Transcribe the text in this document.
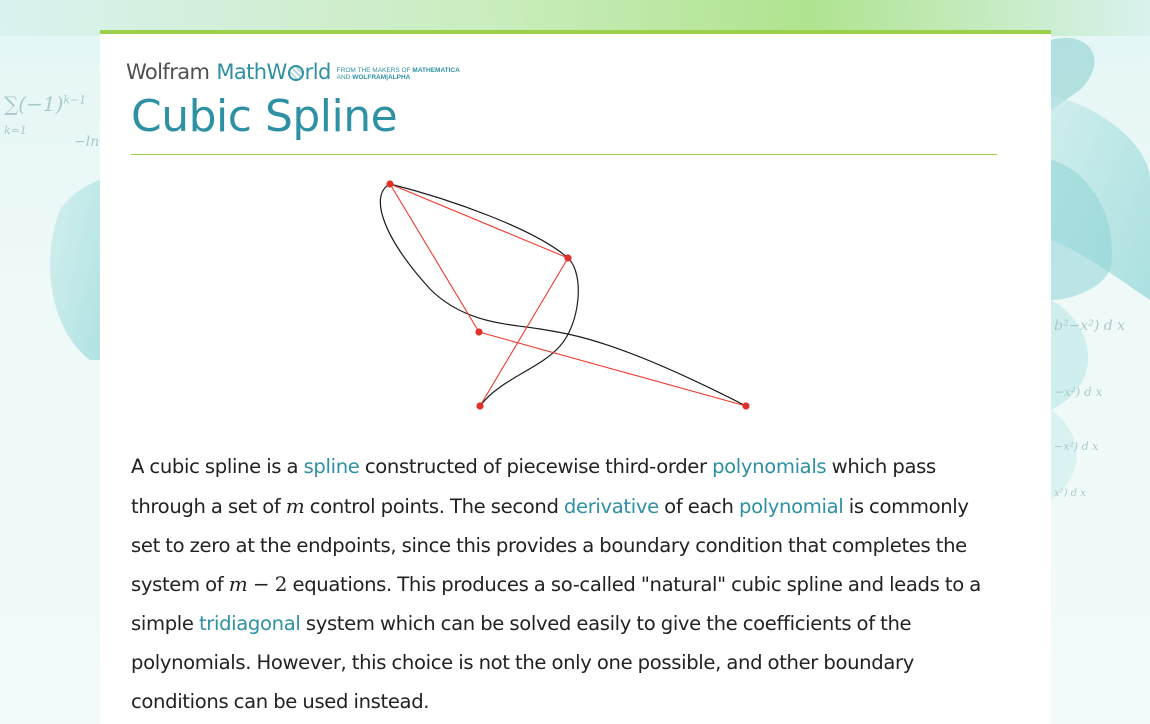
$\sum(-1)^{k-1}$
k=1
−ln
b²−x²) d x
−x²) d x
−x²) d x
x²) d x
Wolfram MathW rld FROM THE MAKERS OF MATHEMATICA
AND WOLFRAM|ALPHA
Cubic Spline

A cubic spline is a spline constructed of piecewise third-order polynomials which pass through a set of m control points. The second derivative of each polynomial is commonly set to zero at the endpoints, since this provides a boundary condition that completes the system of m − 2 equations. This produces a so-called "natural" cubic spline and leads to a simple tridiagonal system which can be solved easily to give the coefficients of the polynomials. However, this choice is not the only one possible, and other boundary conditions can be used instead.
